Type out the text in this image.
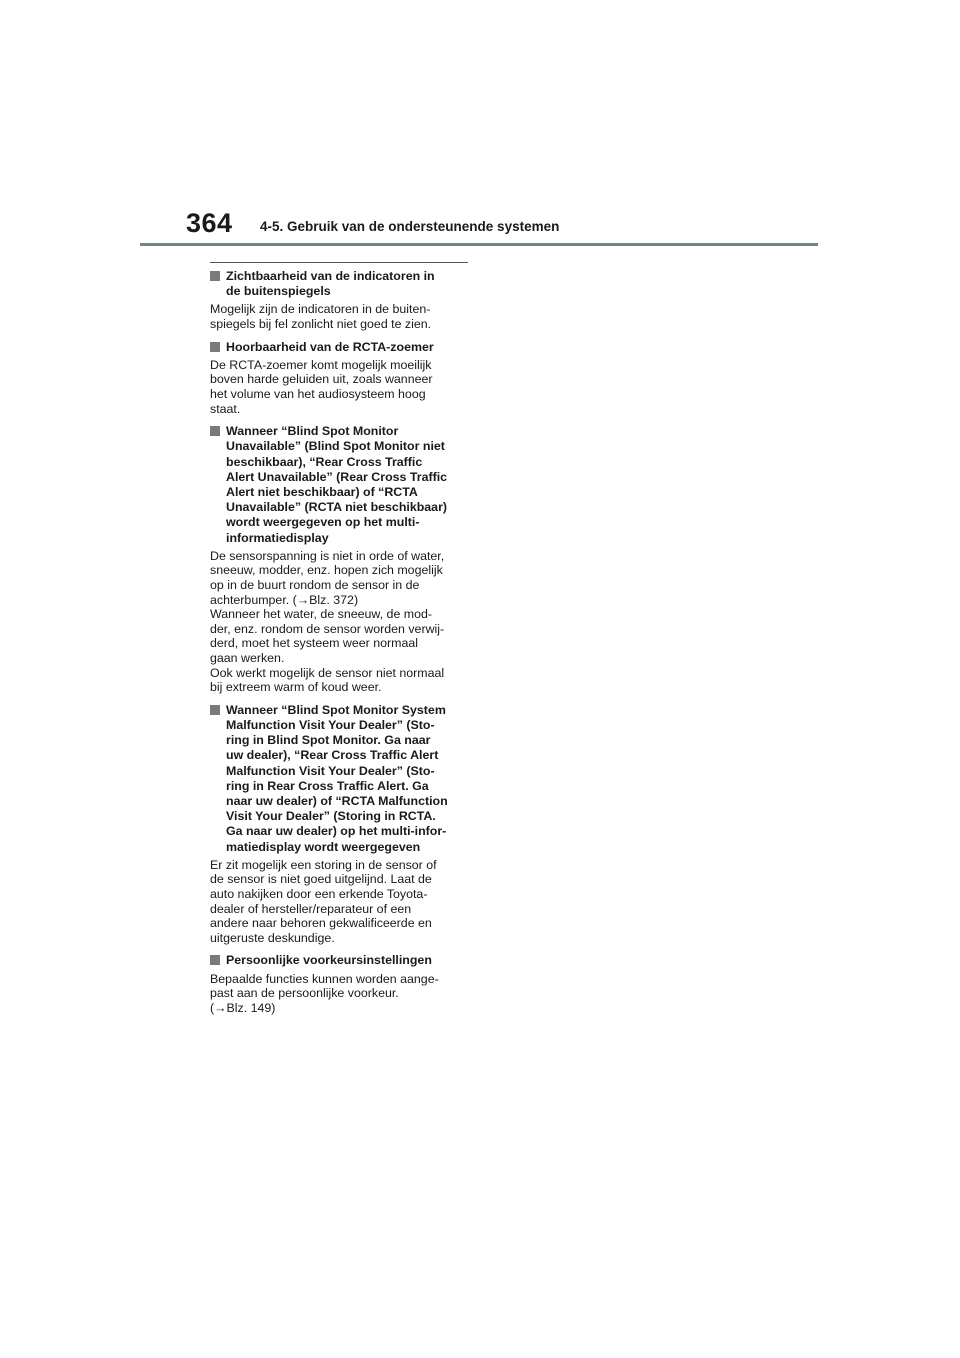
364 4-5. Gebruik van de ondersteunende systemen
Zichtbaarheid van de indicatoren in
de buitenspiegels
Mogelijk zijn de indicatoren in de buiten-
spiegels bij fel zonlicht niet goed te zien.
Hoorbaarheid van de RCTA-zoemer
De RCTA-zoemer komt mogelijk moeilijk
boven harde geluiden uit, zoals wanneer
het volume van het audiosysteem hoog
staat.
Wanneer “Blind Spot Monitor
Unavailable” (Blind Spot Monitor niet
beschikbaar), “Rear Cross Traffic
Alert Unavailable” (Rear Cross Traffic
Alert niet beschikbaar) of “RCTA
Unavailable” (RCTA niet beschikbaar)
wordt weergegeven op het multi-
informatiedisplay
De sensorspanning is niet in orde of water,
sneeuw, modder, enz. hopen zich mogelijk
op in de buurt rondom de sensor in de
achterbumper. (→Blz. 372)
Wanneer het water, de sneeuw, de mod-
der, enz. rondom de sensor worden verwij-
derd, moet het systeem weer normaal
gaan werken.
Ook werkt mogelijk de sensor niet normaal
bij extreem warm of koud weer.
Wanneer “Blind Spot Monitor System
Malfunction Visit Your Dealer” (Sto-
ring in Blind Spot Monitor. Ga naar
uw dealer), “Rear Cross Traffic Alert
Malfunction Visit Your Dealer” (Sto-
ring in Rear Cross Traffic Alert. Ga
naar uw dealer) of “RCTA Malfunction
Visit Your Dealer” (Storing in RCTA.
Ga naar uw dealer) op het multi-infor-
matiedisplay wordt weergegeven
Er zit mogelijk een storing in de sensor of
de sensor is niet goed uitgelijnd. Laat de
auto nakijken door een erkende Toyota-
dealer of hersteller/reparateur of een
andere naar behoren gekwalificeerde en
uitgeruste deskundige.
Persoonlijke voorkeursinstellingen
Bepaalde functies kunnen worden aange-
past aan de persoonlijke voorkeur.
(→Blz. 149)
